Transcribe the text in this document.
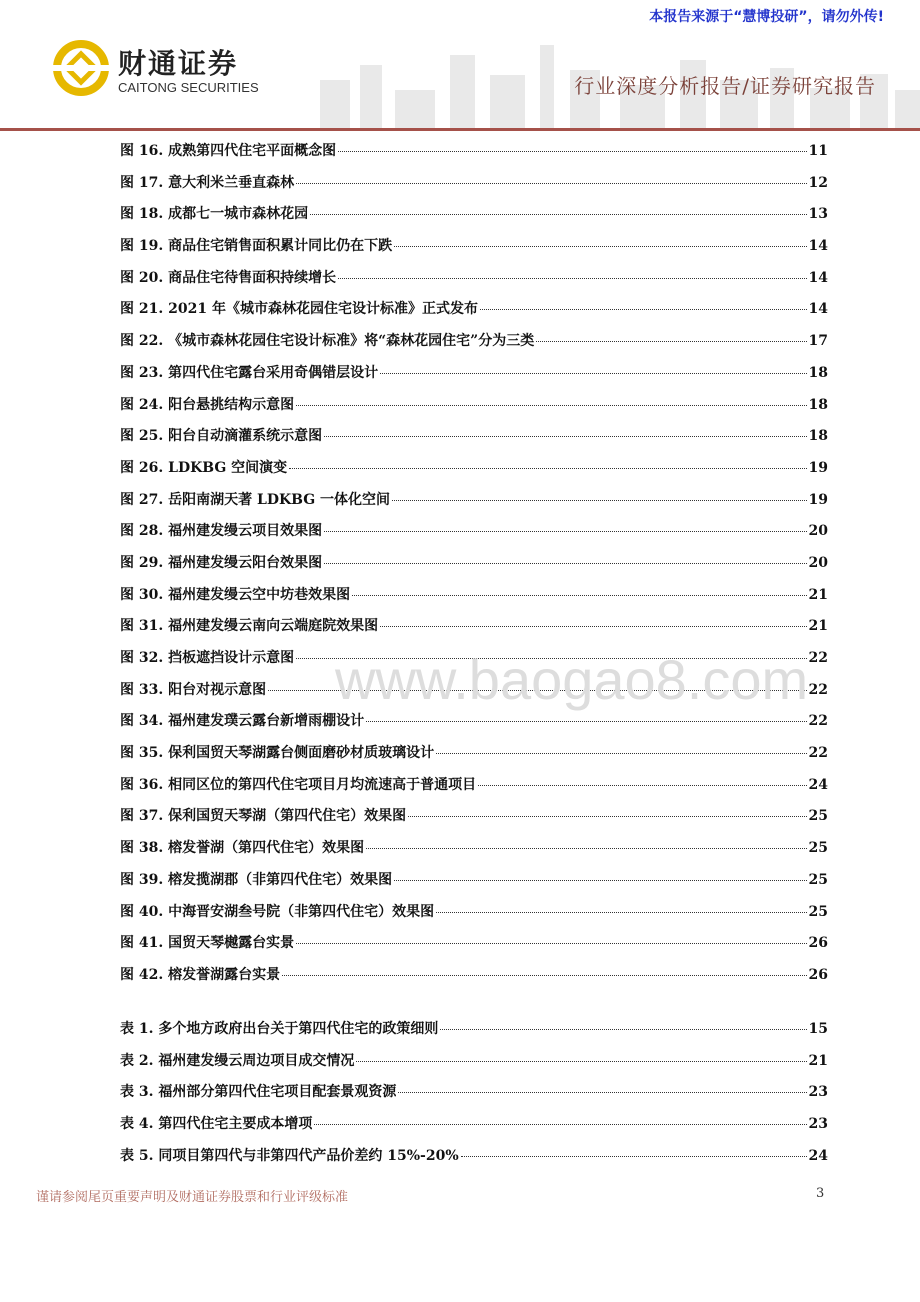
本报告来源于“慧博投研”，请勿外传!
财通证券
CAITONG SECURITIES	行业深度分析报告/证券研究报告
图 16. 成熟第四代住宅平面概念图	11
图 17. 意大利米兰垂直森林	12
图 18. 成都七一城市森林花园	13
图 19. 商品住宅销售面积累计同比仍在下跌	14
图 20. 商品住宅待售面积持续增长	14
图 21. 2021 年《城市森林花园住宅设计标准》正式发布	14
图 22. 《城市森林花园住宅设计标准》将“森林花园住宅”分为三类	17
图 23. 第四代住宅露台采用奇偶错层设计	18
图 24. 阳台悬挑结构示意图	18
图 25. 阳台自动滴灌系统示意图	18
图 26. LDKBG 空间演变	19
图 27. 岳阳南湖天著 LDKBG 一体化空间	19
图 28. 福州建发缦云项目效果图	20
图 29. 福州建发缦云阳台效果图	20
图 30. 福州建发缦云空中坊巷效果图	21
图 31. 福州建发缦云南向云端庭院效果图	21
图 32. 挡板遮挡设计示意图	22
图 33. 阳台对视示意图	22
图 34. 福州建发璞云露台新增雨棚设计	22
图 35. 保利国贸天琴湖露台侧面磨砂材质玻璃设计	22
图 36. 相同区位的第四代住宅项目月均流速高于普通项目	24
图 37. 保利国贸天琴湖（第四代住宅）效果图	25
图 38. 榕发誉湖（第四代住宅）效果图	25
图 39. 榕发揽湖郡（非第四代住宅）效果图	25
图 40. 中海晋安湖叁号院（非第四代住宅）效果图	25
图 41. 国贸天琴樾露台实景	26
图 42. 榕发誉湖露台实景	26
表 1. 多个地方政府出台关于第四代住宅的政策细则	15
表 2. 福州建发缦云周边项目成交情况	21
表 3. 福州部分第四代住宅项目配套景观资源	23
表 4. 第四代住宅主要成本增项	23
表 5. 同项目第四代与非第四代产品价差约 15%-20%	24
www.baogao8.com
谨请参阅尾页重要声明及财通证券股票和行业评级标准	3
